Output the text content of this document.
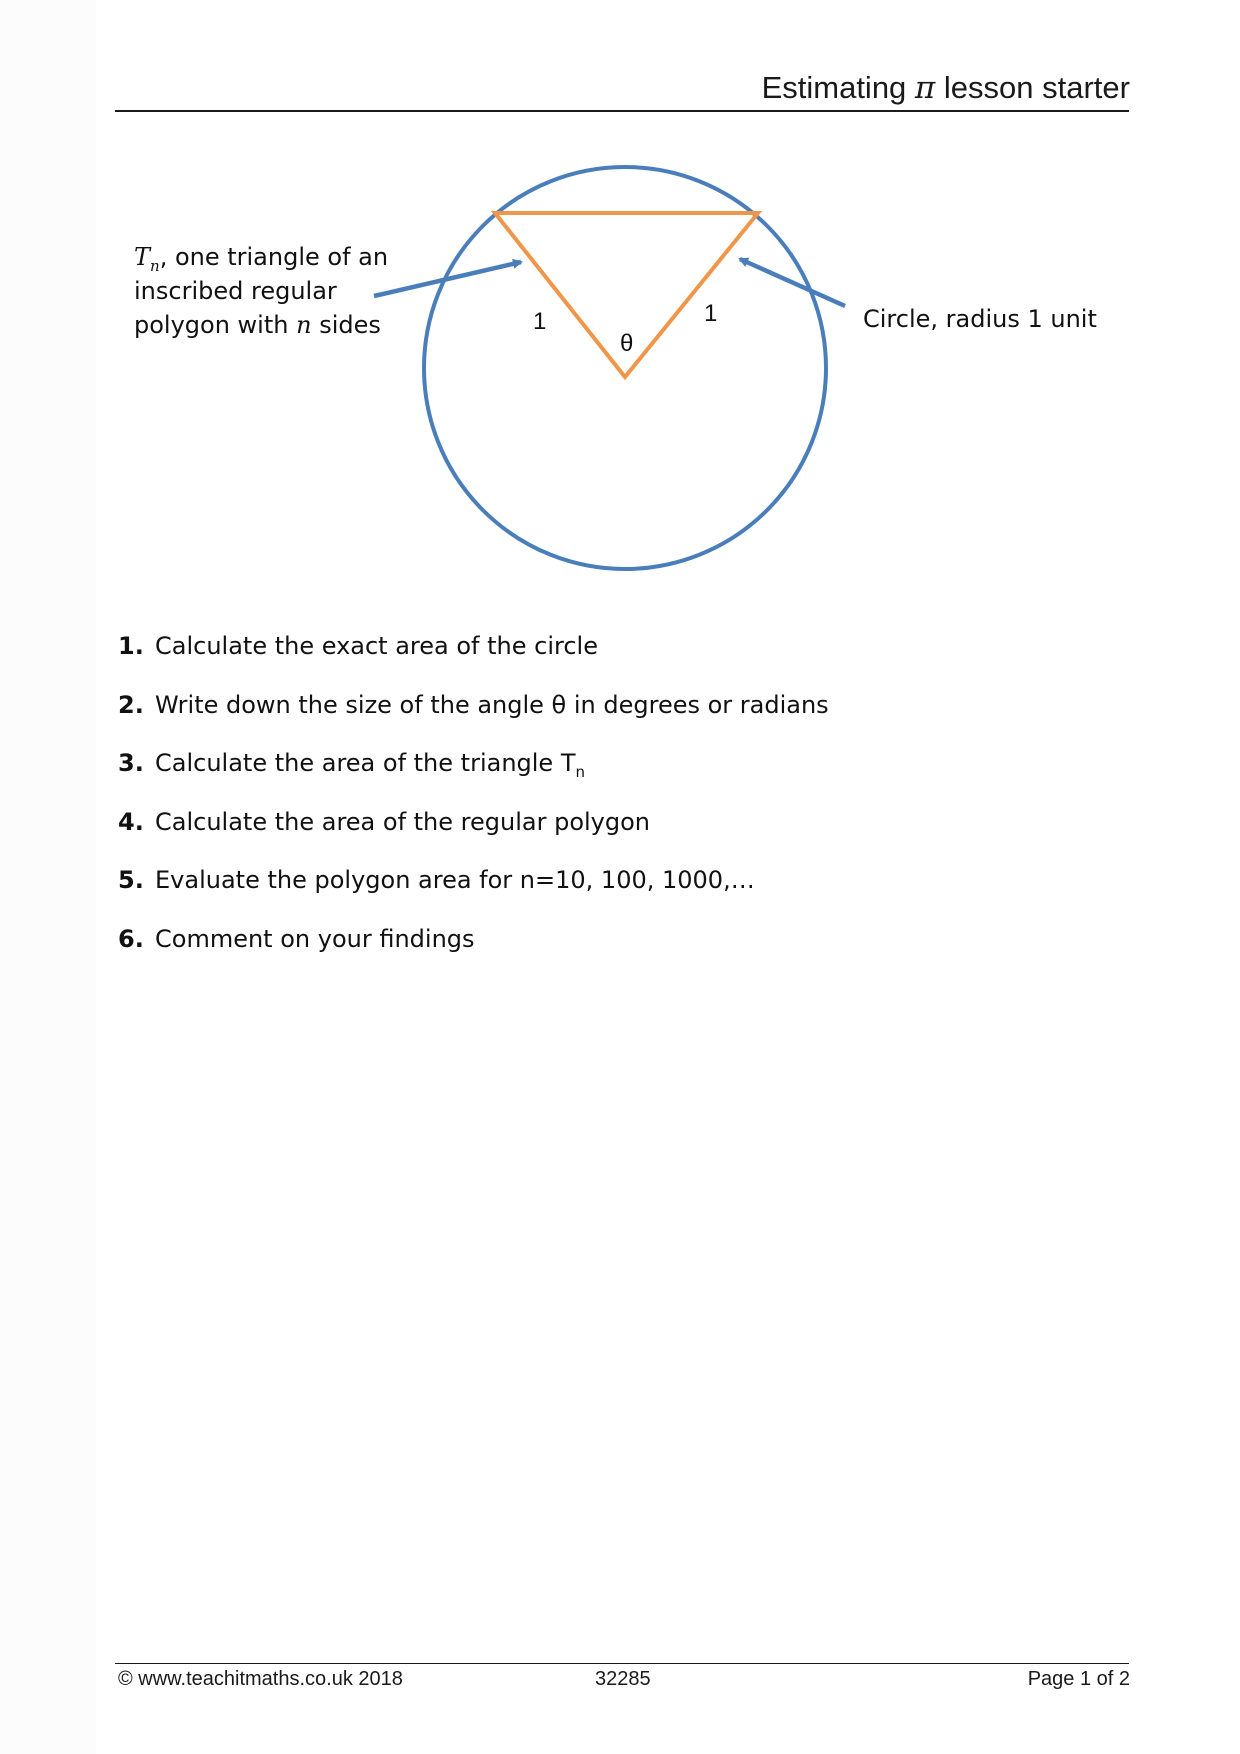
Estimating π lesson starter
$T_n$, one triangle of an
inscribed regular
polygon with n sides	Circle, radius 1 unit
1	1
θ
1. Calculate the exact area of the circle
2. Write down the size of the angle θ in degrees or radians
3. Calculate the area of the triangle $T_n$
4. Calculate the area of the regular polygon
5. Evaluate the polygon area for n=10, 100, 1000,…
6. Comment on your findings
© www.teachitmaths.co.uk 2018	32285	Page 1 of 2
